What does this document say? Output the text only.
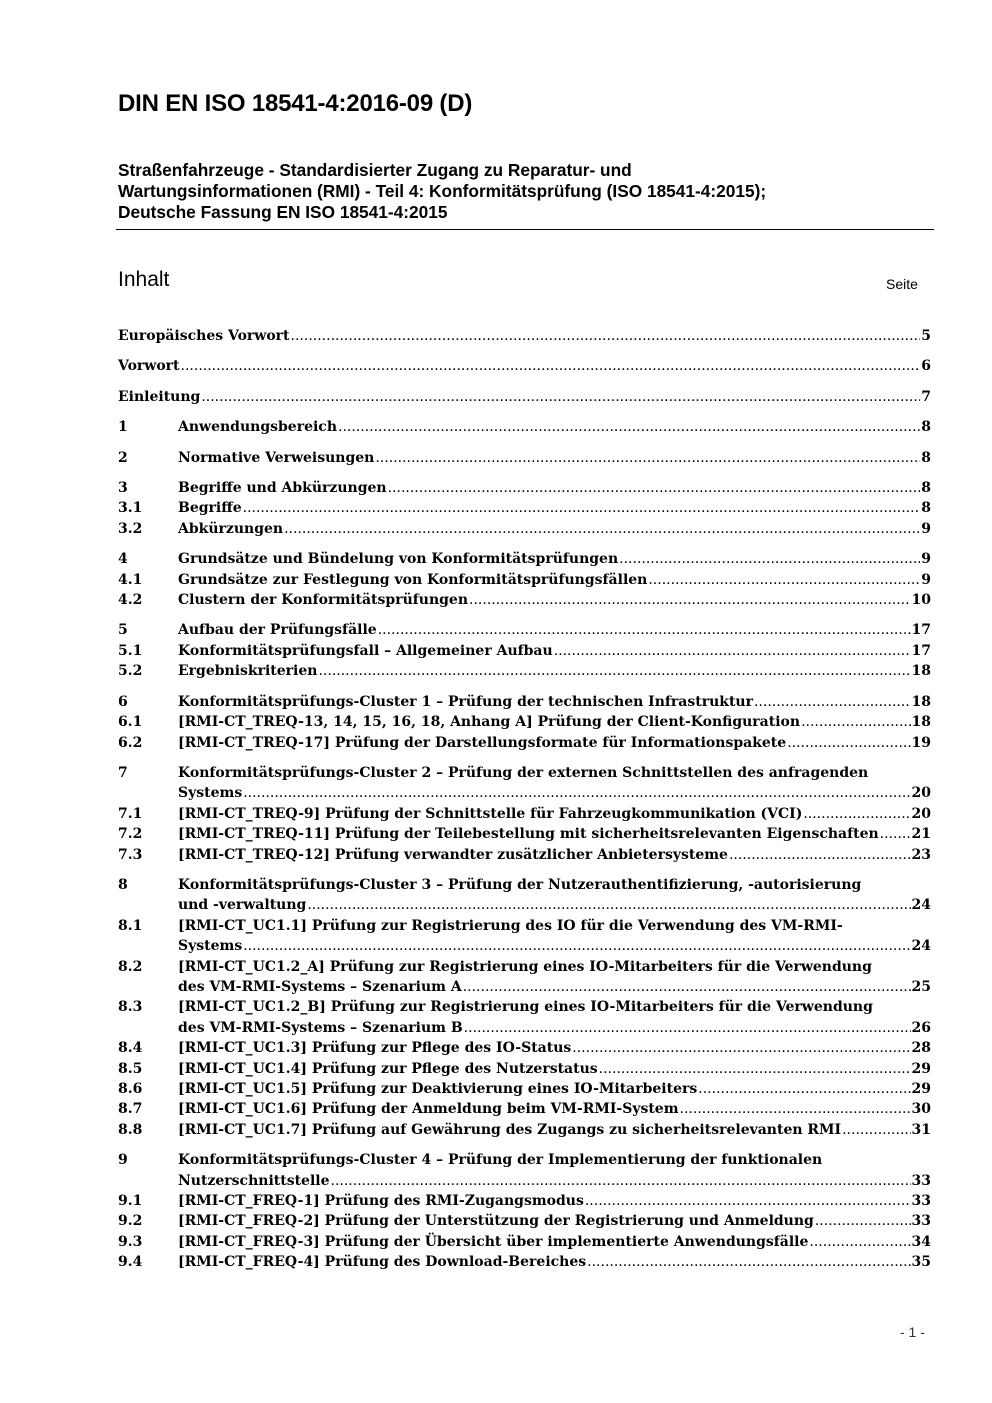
DIN EN ISO 18541-4:2016-09 (D)
Straßenfahrzeuge - Standardisierter Zugang zu Reparatur- und
Wartungsinformationen (RMI) - Teil 4: Konformitätsprüfung (ISO 18541-4:2015);
Deutsche Fassung EN ISO 18541-4:2015
Inhalt	Seite
Europäisches Vorwort .....	5
Vorwort .....	6
Einleitung .....	7
1	Anwendungsbereich .....	8
2	Normative Verweisungen .....	8
3	Begriffe und Abkürzungen .....	8
3.1	Begriffe .....	8
3.2	Abkürzungen .....	9
4	Grundsätze und Bündelung von Konformitätsprüfungen .....	9
4.1	Grundsätze zur Festlegung von Konformitätsprüfungsfällen .....	9
4.2	Clustern der Konformitätsprüfungen .....	10
5	Aufbau der Prüfungsfälle .....	17
5.1	Konformitätsprüfungsfall – Allgemeiner Aufbau .....	17
5.2	Ergebniskriterien .....	18
6	Konformitätsprüfungs-Cluster 1 – Prüfung der technischen Infrastruktur .....	18
6.1	[RMI-CT_TREQ-13, 14, 15, 16, 18, Anhang A] Prüfung der Client-Konfiguration .....	18
6.2	[RMI-CT_TREQ-17] Prüfung der Darstellungsformate für Informationspakete .....	19
7	Konformitätsprüfungs-Cluster 2 – Prüfung der externen Schnittstellen des anfragenden
Systems .....	20
7.1	[RMI-CT_TREQ-9] Prüfung der Schnittstelle für Fahrzeugkommunikation (VCI) .....	20
7.2	[RMI-CT_TREQ-11] Prüfung der Teilebestellung mit sicherheitsrelevanten Eigenschaften ..... 21
7.3	[RMI-CT_TREQ-12] Prüfung verwandter zusätzlicher Anbietersysteme .....	23
8	Konformitätsprüfungs-Cluster 3 – Prüfung der Nutzerauthentifizierung, -autorisierung
und -verwaltung .....	24
8.1	[RMI-CT_UC1.1] Prüfung zur Registrierung des IO für die Verwendung des VM-RMI-
Systems .....	24
8.2	[RMI-CT_UC1.2_A] Prüfung zur Registrierung eines IO-Mitarbeiters für die Verwendung
des VM-RMI-Systems – Szenarium A .....	25
8.3	[RMI-CT_UC1.2_B] Prüfung zur Registrierung eines IO-Mitarbeiters für die Verwendung
des VM-RMI-Systems – Szenarium B .....	26
8.4	[RMI-CT_UC1.3] Prüfung zur Pflege des IO-Status .....	28
8.5	[RMI-CT_UC1.4] Prüfung zur Pflege des Nutzerstatus .....	29
8.6	[RMI-CT_UC1.5] Prüfung zur Deaktivierung eines IO-Mitarbeiters .....	29
8.7	[RMI-CT_UC1.6] Prüfung der Anmeldung beim VM-RMI-System .....	30
8.8	[RMI-CT_UC1.7] Prüfung auf Gewährung des Zugangs zu sicherheitsrelevanten RMI .....	31
9	Konformitätsprüfungs-Cluster 4 – Prüfung der Implementierung der funktionalen
Nutzerschnittstelle .....	33
9.1	[RMI-CT_FREQ-1] Prüfung des RMI-Zugangsmodus .....	33
9.2	[RMI-CT_FREQ-2] Prüfung der Unterstützung der Registrierung und Anmeldung .....	33
9.3	[RMI-CT_FREQ-3] Prüfung der Übersicht über implementierte Anwendungsfälle .....	34
9.4	[RMI-CT_FREQ-4] Prüfung des Download-Bereiches .....	35
- 1 -
